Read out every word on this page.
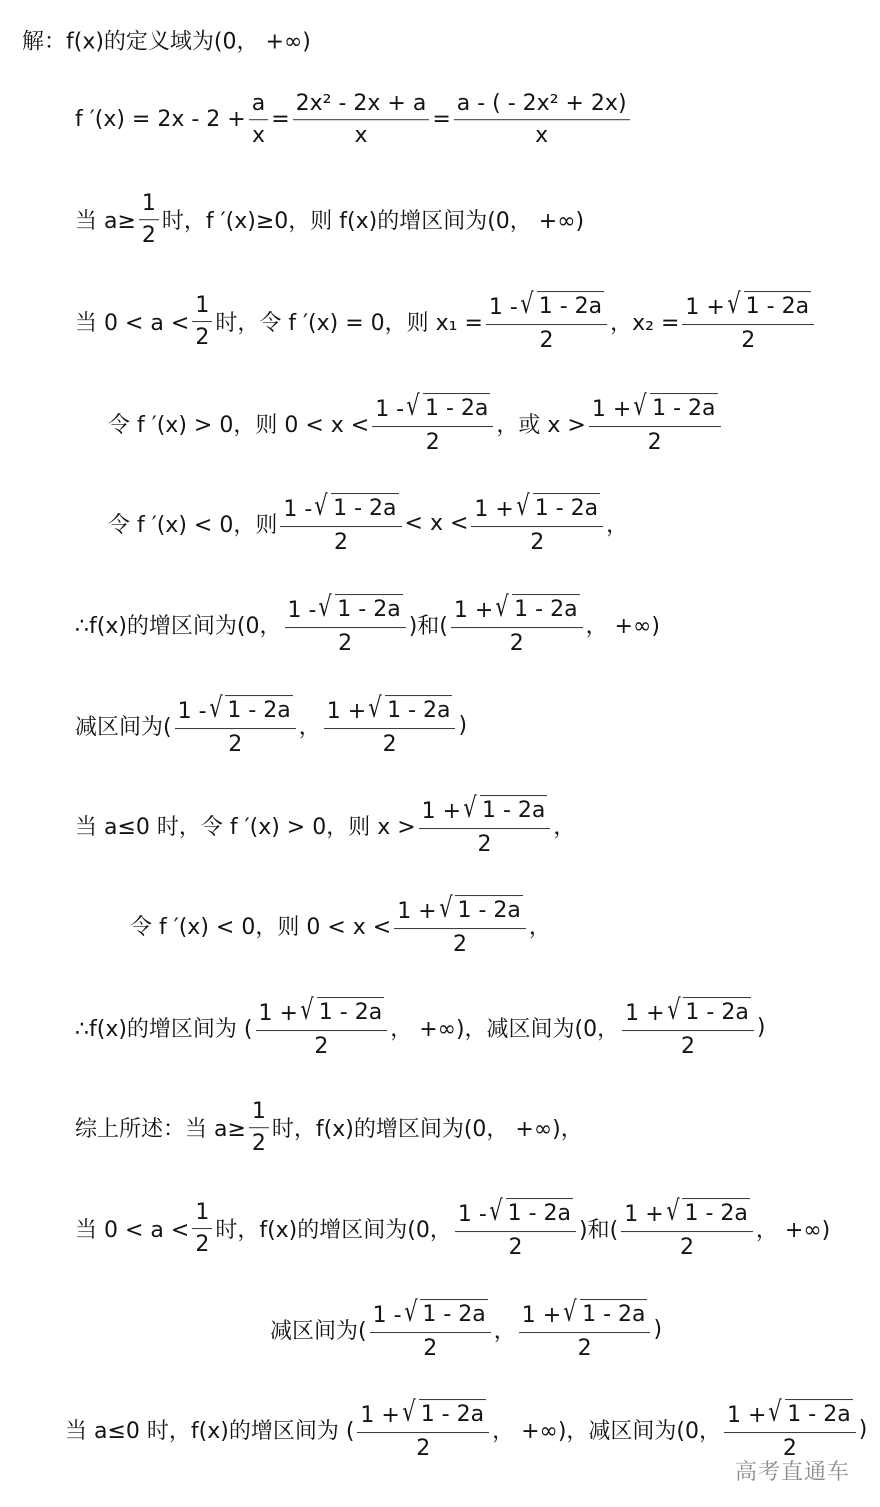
解：f(x)的定义域为(0， +∞)
f $'(x) = 2x - 2 + \frac{a}{x} = \frac{\text{2x² - 2x + a}}{x} = \frac{\text{a - ( - 2x² + 2x)}}{x}$
当 $a\ge \frac{1}{2}$ 时，f ′(x)≥0，则 f(x)的增区间为(0， +∞)
当 $0 < a < \frac{1}{2}$ 时，令 f ′(x) = 0，则 $x_1 = \frac{1 - √ 1 - 2a}{2}$ ，$x_2 = \frac{1 + √ 1 - 2a}{2}$
令 f ′(x) > 0，则 $0 < x < \frac{1 - √ 1 - 2a}{2}$ ，或 $x > \frac{1 + √ 1 - 2a}{2}$
令 f ′(x) < 0，则 $\frac{1 - √ 1 - 2a}{2} < x < \frac{1 + √ 1 - 2a}{2}$ ，
∴f(x)的增区间为(0， $\frac{1 - √ 1 - 2a}{2}$ )和( $\frac{1 + √ 1 - 2a}{2}$ ， +∞)
减区间为( $\frac{1 - √ 1 - 2a}{2}$ ， $\frac{1 + √ 1 - 2a}{2}$ )
当 a≤0 时，令 f ′(x) > 0，则 $x > \frac{1 + √ 1 - 2a}{2}$ ，
令 f ′(x) < 0，则 $0 < x < \frac{1 + √ 1 - 2a}{2}$ ，
∴f(x)的增区间为 ( $\frac{1 + √ 1 - 2a}{2}$ ， +∞)，减区间为(0， $\frac{1 + √ 1 - 2a}{2}$ )
综上所述：当 $a\ge \frac{1}{2}$ 时，f(x)的增区间为(0， +∞)，
当 $0 < a < \frac{1}{2}$ 时，f(x)的增区间为(0， $\frac{1 - √ 1 - 2a}{2}$ )和( $\frac{1 + √ 1 - 2a}{2}$ ， +∞)
减区间为( $\frac{1 - √ 1 - 2a}{2}$ ， $\frac{1 + √ 1 - 2a}{2}$ )
当 a≤0 时，f(x)的增区间为 ( $\frac{1 + √ 1 - 2a}{2}$ ， +∞)，减区间为(0， $\frac{1 + √ 1 - 2a}{2}$ )
高考直通车
